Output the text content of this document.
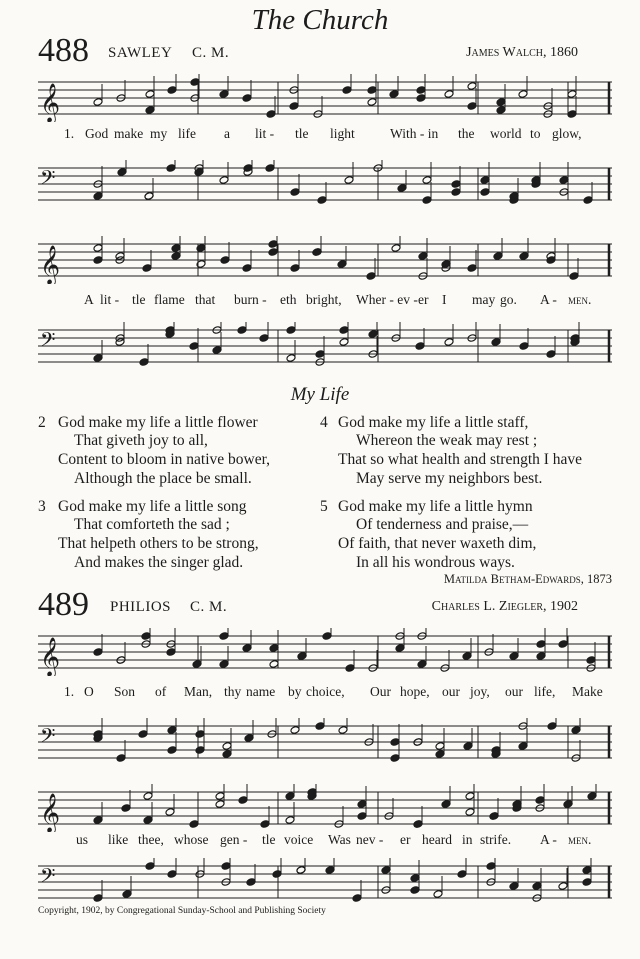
The Church
488 SAWLEY C. M.	James Walch, 1860
𝄞
1. God make my life a lit - tle light	With - in the world to glow,
𝄢
𝄞
A lit - tle flame that burn - eth bright, Wher - ev - er I may go. A - men.
𝄢
My Life
2 God make my life a little flower
That giveth joy to all,
Content to bloom in native bower,
Although the place be small.
3 God make my life a little song
That comforteth the sad ;
That helpeth others to be strong,
And makes the singer glad.
4 God make my life a little staff,
Whereon the weak may rest ;
That so what health and strength I have
May serve my neighbors best.
5 God make my life a little hymn
Of tenderness and praise,—
Of faith, that never waxeth dim,
In all his wondrous ways.
Matilda Betham-Edwards, 1873
489 PHILIOS C. M.	Charles L. Ziegler, 1902
𝄞
1. O Son of Man, thy name by choice, Our hope, our joy, our life, Make
𝄢
𝄞
us like thee, whose gen - tle voice Was nev - er heard in strife. A - men.
𝄢
Copyright, 1902, by Congregational Sunday-School and Publishing Society
